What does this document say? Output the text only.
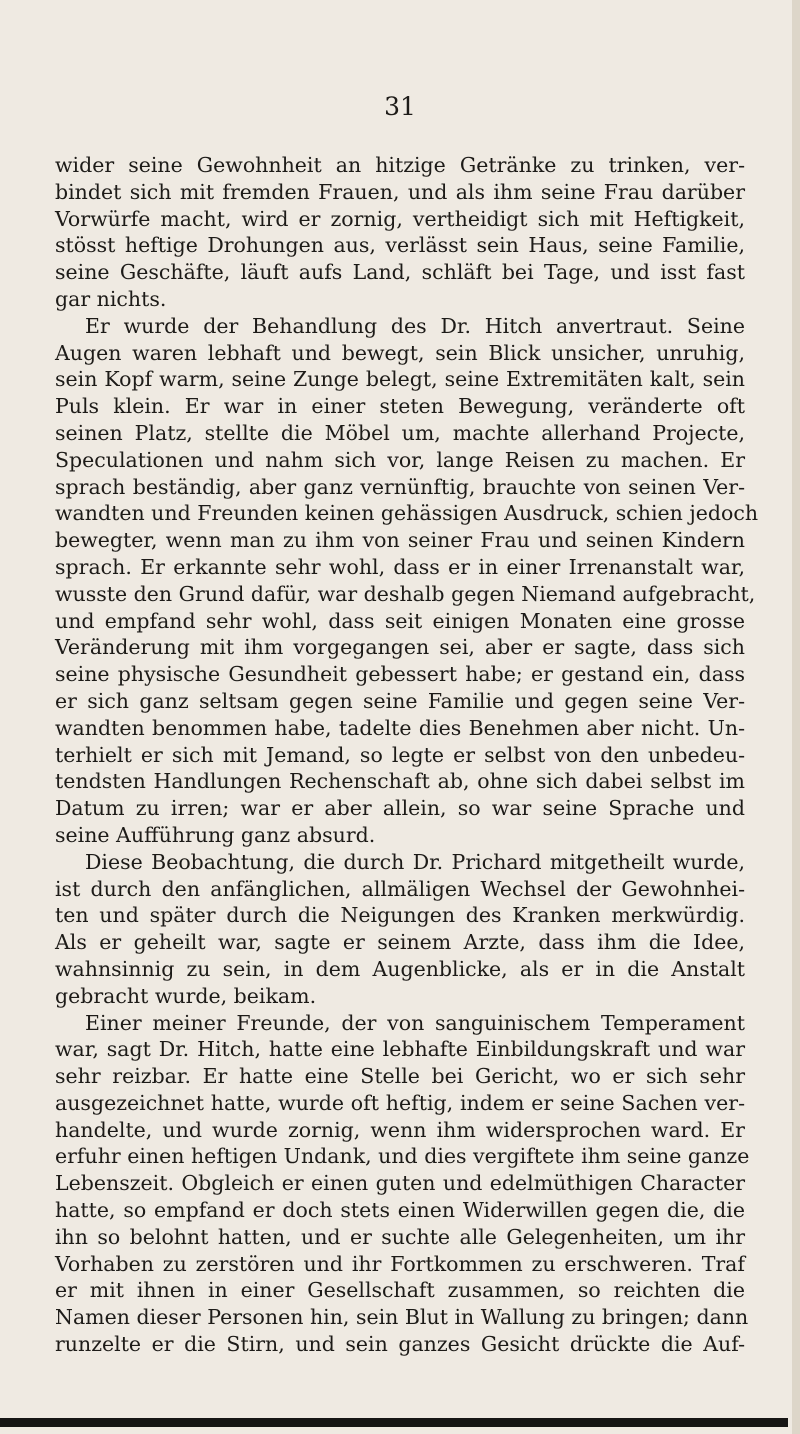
31
wider seine Gewohnheit an hitzige Getränke zu trinken, ver-
bindet sich mit fremden Frauen, und als ihm seine Frau darüber
Vorwürfe macht, wird er zornig, vertheidigt sich mit Heftigkeit,
stösst heftige Drohungen aus, verlässt sein Haus, seine Familie,
seine Geschäfte, läuft aufs Land, schläft bei Tage, und isst fast
gar nichts.
Er wurde der Behandlung des Dr. Hitch anvertraut. Seine
Augen waren lebhaft und bewegt, sein Blick unsicher, unruhig,
sein Kopf warm, seine Zunge belegt, seine Extremitäten kalt, sein
Puls klein. Er war in einer steten Bewegung, veränderte oft
seinen Platz, stellte die Möbel um, machte allerhand Projecte,
Speculationen und nahm sich vor, lange Reisen zu machen. Er
sprach beständig, aber ganz vernünftig, brauchte von seinen Ver-
wandten und Freunden keinen gehässigen Ausdruck, schien jedoch
bewegter, wenn man zu ihm von seiner Frau und seinen Kindern
sprach. Er erkannte sehr wohl, dass er in einer Irrenanstalt war,
wusste den Grund dafür, war deshalb gegen Niemand aufgebracht,
und empfand sehr wohl, dass seit einigen Monaten eine grosse
Veränderung mit ihm vorgegangen sei, aber er sagte, dass sich
seine physische Gesundheit gebessert habe; er gestand ein, dass
er sich ganz seltsam gegen seine Familie und gegen seine Ver-
wandten benommen habe, tadelte dies Benehmen aber nicht. Un-
terhielt er sich mit Jemand, so legte er selbst von den unbedeu-
tendsten Handlungen Rechenschaft ab, ohne sich dabei selbst im
Datum zu irren; war er aber allein, so war seine Sprache und
seine Aufführung ganz absurd.
Diese Beobachtung, die durch Dr. Prichard mitgetheilt wurde,
ist durch den anfänglichen, allmäligen Wechsel der Gewohnhei-
ten und später durch die Neigungen des Kranken merkwürdig.
Als er geheilt war, sagte er seinem Arzte, dass ihm die Idee,
wahnsinnig zu sein, in dem Augenblicke, als er in die Anstalt
gebracht wurde, beikam.
Einer meiner Freunde, der von sanguinischem Temperament
war, sagt Dr. Hitch, hatte eine lebhafte Einbildungskraft und war
sehr reizbar. Er hatte eine Stelle bei Gericht, wo er sich sehr
ausgezeichnet hatte, wurde oft heftig, indem er seine Sachen ver-
handelte, und wurde zornig, wenn ihm widersprochen ward. Er
erfuhr einen heftigen Undank, und dies vergiftete ihm seine ganze
Lebenszeit. Obgleich er einen guten und edelmüthigen Character
hatte, so empfand er doch stets einen Widerwillen gegen die, die
ihn so belohnt hatten, und er suchte alle Gelegenheiten, um ihr
Vorhaben zu zerstören und ihr Fortkommen zu erschweren. Traf
er mit ihnen in einer Gesellschaft zusammen, so reichten die
Namen dieser Personen hin, sein Blut in Wallung zu bringen; dann
runzelte er die Stirn, und sein ganzes Gesicht drückte die Auf-
